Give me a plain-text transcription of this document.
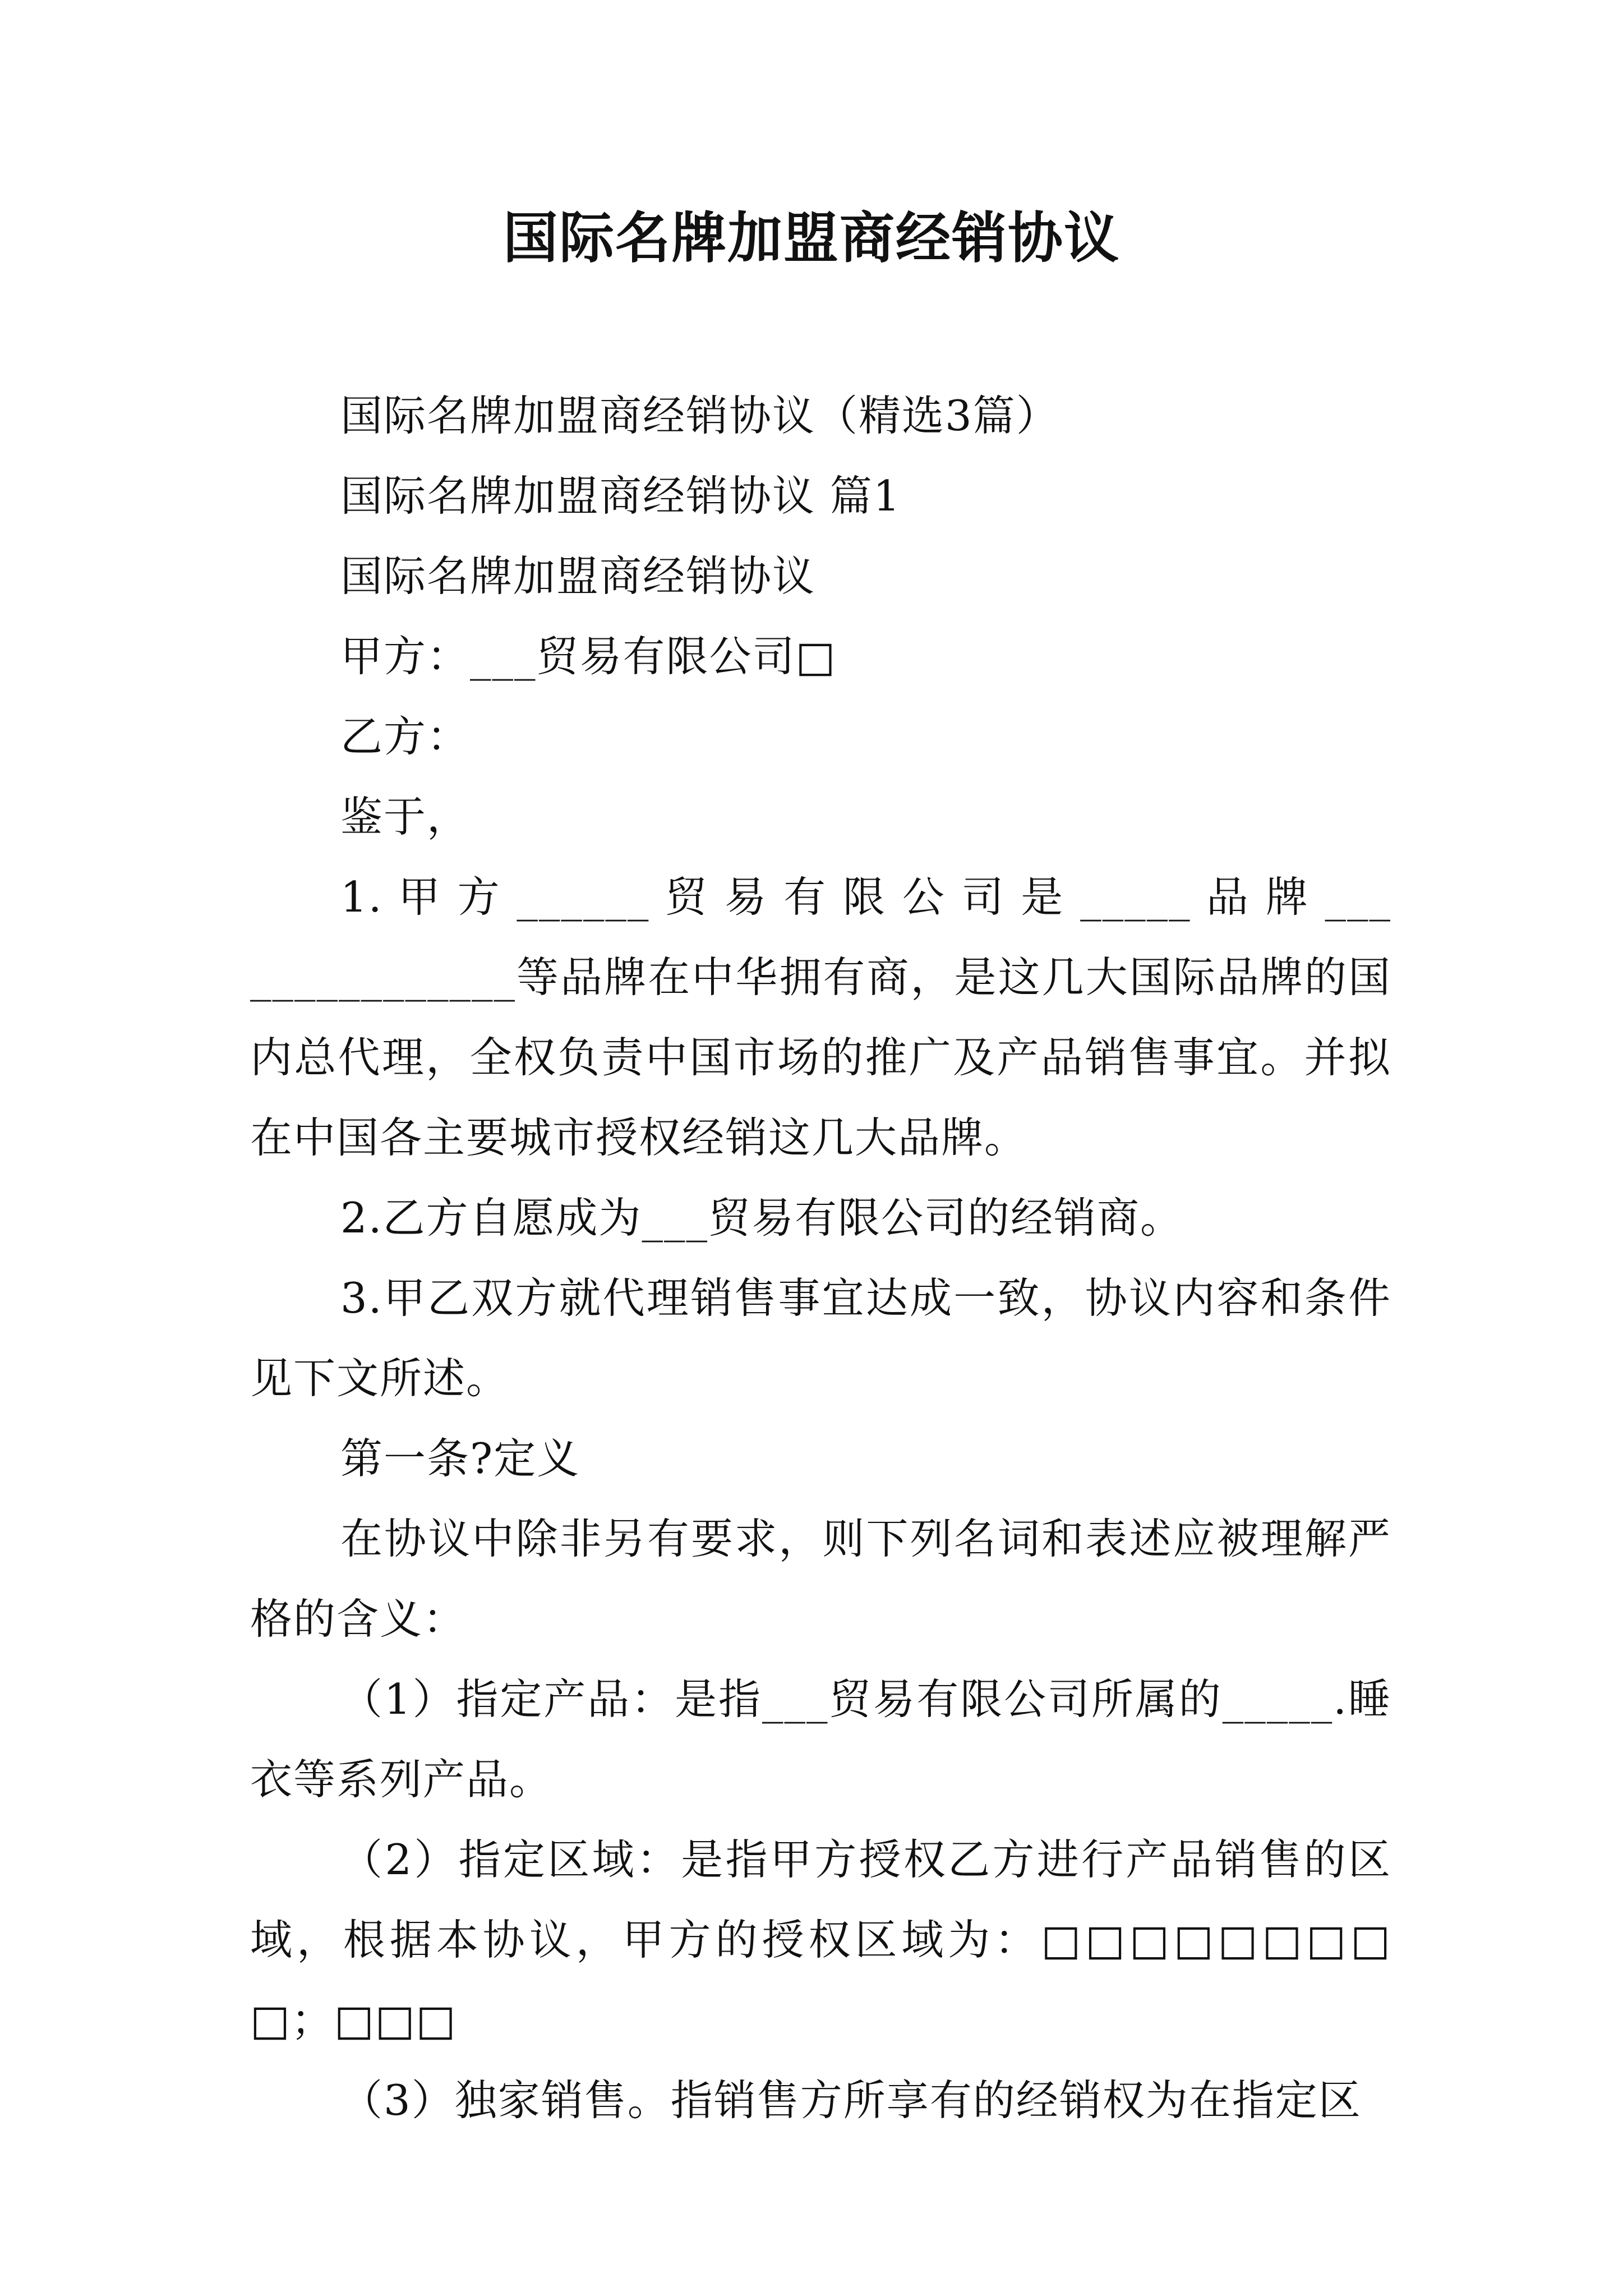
国际名牌加盟商经销协议

国际名牌加盟商经销协议（精选3篇）

国际名牌加盟商经销协议 篇1

国际名牌加盟商经销协议

甲方：___贸易有限公司□

乙方：

鉴于，

1. 甲 方 ______ 贸 易 有 限 公 司 是 _____ 品 牌 _______________等品牌在中华拥有商，是这几大国际品牌的国内总代理，全权负责中国市场的推广及产品销售事宜。并拟在中国各主要城市授权经销这几大品牌。

2.乙方自愿成为___贸易有限公司的经销商。

3.甲乙双方就代理销售事宜达成一致，协议内容和条件见下文所述。

第一条?定义

在协议中除非另有要求，则下列名词和表述应被理解严格的含义：

（1）指定产品：是指___贸易有限公司所属的_____.睡衣等系列产品。

（2）指定区域：是指甲方授权乙方进行产品销售的区域，根据本协议，甲方的授权区域为：□□□□□□□□□；□□□

（3）独家销售。指销售方所享有的经销权为在指定区
